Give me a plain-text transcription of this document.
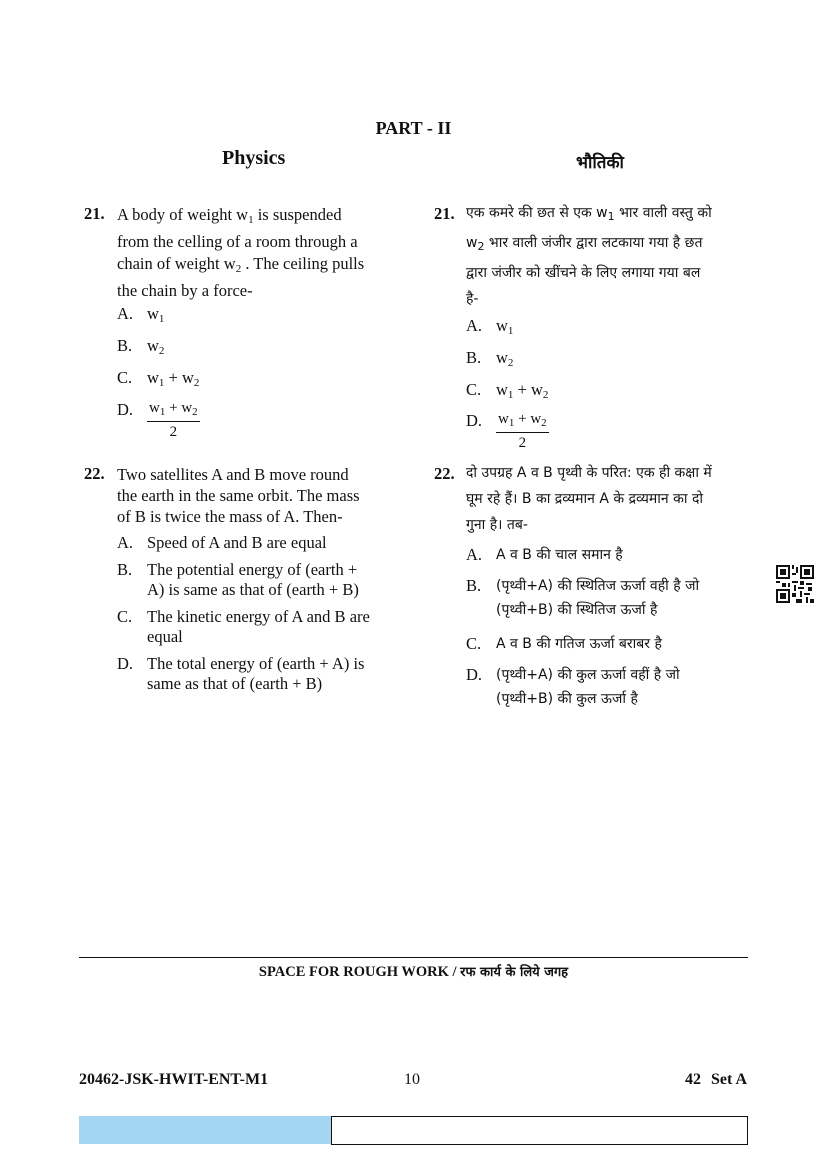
PART - II
Physics	भौतिकी
21. A body of weight $w_1$ is suspended
from the celling of a room through a
chain of weight $w_2$ . The ceiling pulls
the chain by a force-
A. $w_1$
B. $w_2$
C. $w_1 + w_2$
D. $\frac{w_1 + w_2}{2}$
22. Two satellites A and B move round
the earth in the same orbit. The mass
of B is twice the mass of A. Then-
A. Speed of A and B are equal
B. The potential energy of (earth +
A) is same as that of (earth + B)
C. The kinetic energy of A and B are
equal
D. The total energy of (earth + A) is
same as that of (earth + B)
21. एक कमरे की छत से एक $w_1$ भार वाली वस्तु को
$w_2$ भार वाली जंजीर द्वारा लटकाया गया है छत
द्वारा जंजीर को खींचने के लिए लगाया गया बल
है-
A. $w_1$
B. $w_2$
C. $w_1 + w_2$
D. $\frac{w_1 + w_2}{2}$
22. दो उपग्रह A व B पृथ्वी के परित: एक ही कक्षा में
घूम रहे हैं। B का द्रव्यमान A के द्रव्यमान का दो
गुना है। तब-
A. A व B की चाल समान है
B. (पृथ्वी+A) की स्थितिज ऊर्जा वही है जो
(पृथ्वी+B) की स्थितिज ऊर्जा है
C. A व B की गतिज ऊर्जा बराबर है
D. (पृथ्वी+A) की कुल ऊर्जा वहीं है जो
(पृथ्वी+B) की कुल ऊर्जा है
SPACE FOR ROUGH WORK / रफ कार्य के लिये जगह
20462-JSK-HWIT-ENT-M1	10	42 Set A
